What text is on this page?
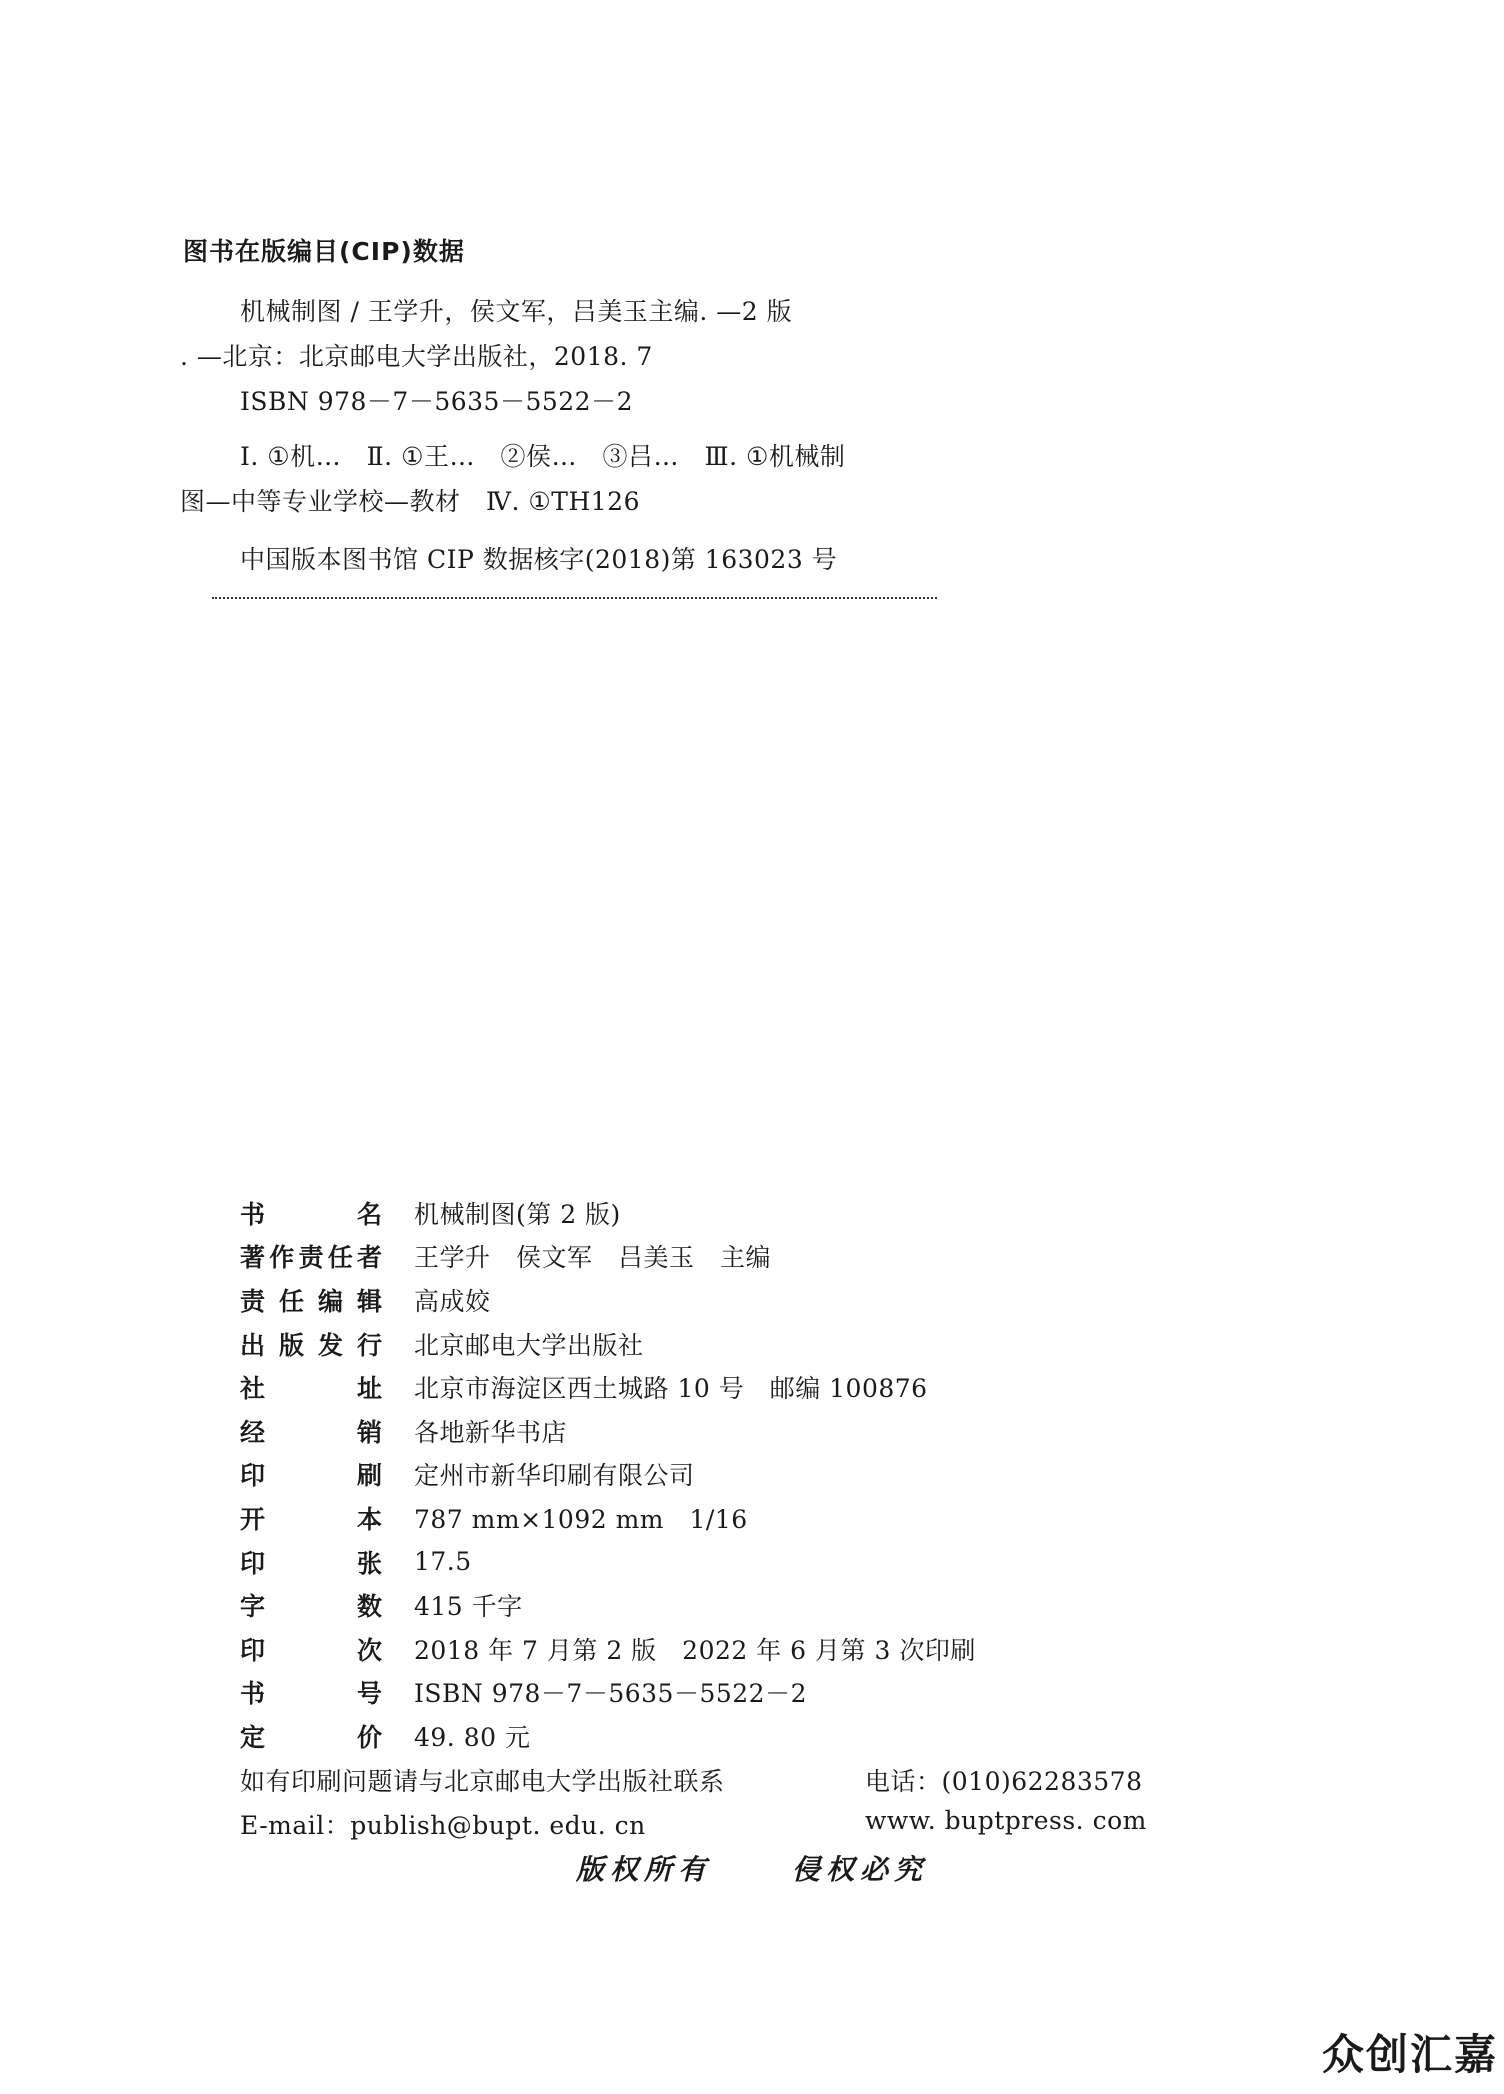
图书在版编目(CIP)数据
机械制图 / 王学升，侯文军，吕美玉主编. —2 版
. —北京：北京邮电大学出版社，2018. 7
ISBN 978－7－5635－5522－2
Ⅰ. ①机…　Ⅱ. ①王…　②侯…　③吕…　Ⅲ. ①机械制
图—中等专业学校—教材　Ⅳ. ①TH126
中国版本图书馆 CIP 数据核字(2018)第 163023 号
书名 机械制图(第 2 版)
著作责任者 王学升　侯文军　吕美玉　主编
责任编辑 高成姣
出版发行 北京邮电大学出版社
社址 北京市海淀区西土城路 10 号　邮编 100876
经销 各地新华书店
印刷 定州市新华印刷有限公司
开本 787 mm×1092 mm　1/16
印张 17.5
字数 415 千字
印次 2018 年 7 月第 2 版　2022 年 6 月第 3 次印刷
书号 ISBN 978－7－5635－5522－2
定价 49. 80 元
如有印刷问题请与北京邮电大学出版社联系	电话：(010)62283578
E-mail：publish@bupt. edu. cn	www. buptpress. com
版权所有	侵权必究
众创汇嘉
